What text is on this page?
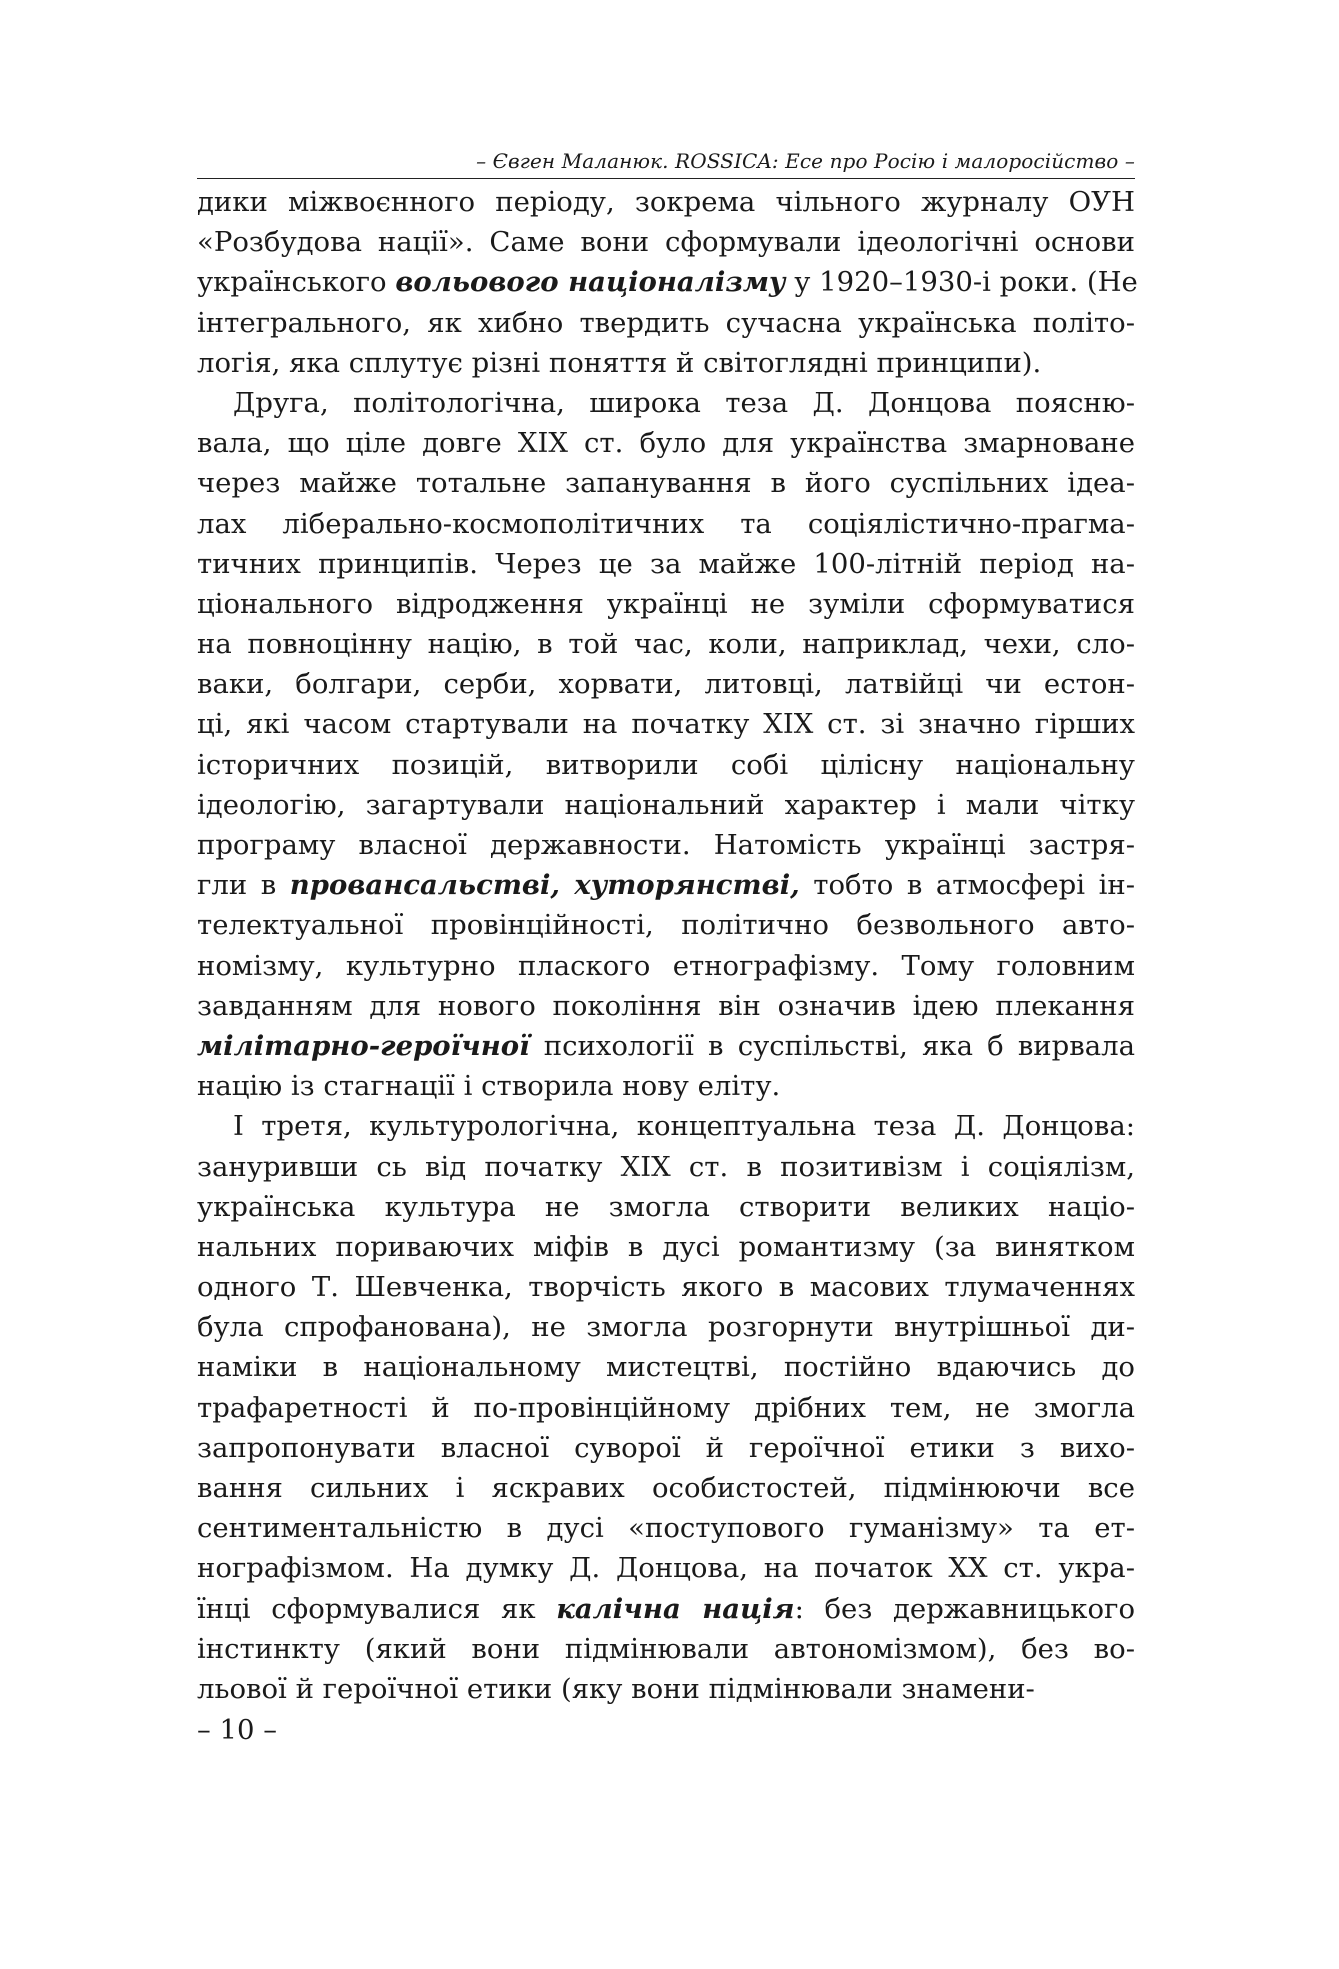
– Євген Маланюк. ROSSICA: Есе про Росію і малоросійство –
дики міжвоєнного періоду, зокрема чільного журналу ОУН
«Розбудова нації». Саме вони сформували ідеологічні основи
українського вольового націоналізму у 1920–1930-і роки. (Не
інтегрального, як хибно твердить сучасна українська політо-
логія, яка сплутує різні поняття й світоглядні принципи).
Друга, політологічна, широка теза Д. Донцова поясню-
вала, що ціле довге ХІХ ст. було для українства змарноване
через майже тотальне запанування в його суспільних ідеа-
лах ліберально-космополітичних та соціялістично-прагма-
тичних принципів. Через це за майже 100-літній період на-
ціонального відродження українці не зуміли сформуватися
на повноцінну націю, в той час, коли, наприклад, чехи, сло-
ваки, болгари, серби, хорвати, литовці, латвійці чи естон-
ці, які часом стартували на початку ХІХ ст. зі значно гірших
історичних позицій, витворили собі цілісну національну
ідеологію, загартували національний характер і мали чітку
програму власної державности. Натомість українці застря-
гли в провансальстві, хуторянстві, тобто в атмосфері ін-
телектуальної провінційності, політично безвольного авто-
номізму, культурно плаского етнографізму. Тому головним
завданням для нового покоління він означив ідею плекання
мілітарно-героїчної психології в суспільстві, яка б вирвала
націю із стагнації і створила нову еліту.
І третя, культурологічна, концептуальна теза Д. Донцова:
зануривши сь від початку ХІХ ст. в позитивізм і соціялізм,
українська культура не змогла створити великих націо-
нальних пориваючих міфів в дусі романтизму (за винятком
одного Т. Шевченка, творчість якого в масових тлумаченнях
була спрофанована), не змогла розгорнути внутрішньої ди-
наміки в національному мистецтві, постійно вдаючись до
трафаретності й по-провінційному дрібних тем, не змогла
запропонувати власної суворої й героїчної етики з вихо-
вання сильних і яскравих особистостей, підмінюючи все
сентиментальністю в дусі «поступового гуманізму» та ет-
нографізмом. На думку Д. Донцова, на початок ХХ ст. укра-
їнці сформувалися як калічна нація: без державницького
інстинкту (який вони підмінювали автономізмом), без во-
льової й героїчної етики (яку вони підмінювали знамени-
– 10 –
